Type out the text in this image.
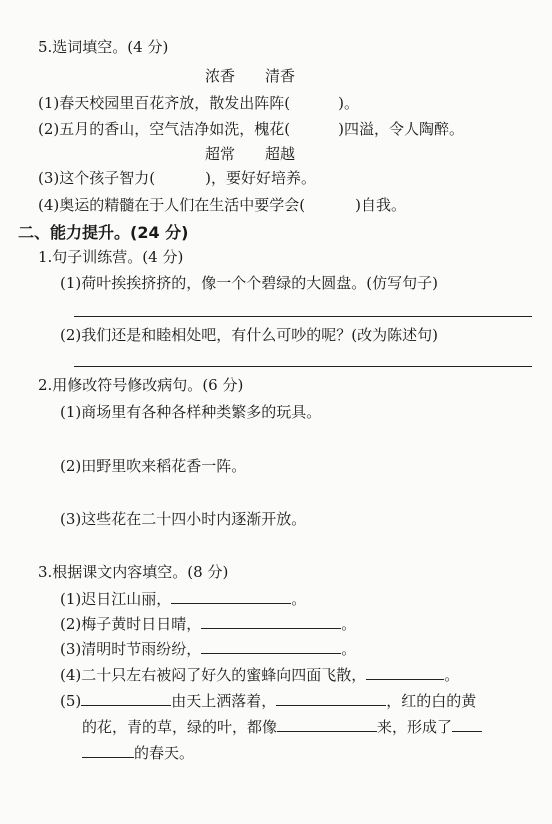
5.选词填空。(4 分)
浓香　　清香
(1)春天校园里百花齐放，散发出阵阵(	)。
(2)五月的香山，空气洁净如洗，槐花(	)四溢，令人陶醉。
超常　　超越
(3)这个孩子智力(	)，要好好培养。
(4)奥运的精髓在于人们在生活中要学会(	)自我。
二、能力提升。(24 分)
1.句子训练营。(4 分)
(1)荷叶挨挨挤挤的，像一个个碧绿的大圆盘。(仿写句子)
(2)我们还是和睦相处吧，有什么可吵的呢？(改为陈述句)
2.用修改符号修改病句。(6 分)
(1)商场里有各种各样种类繁多的玩具。
(2)田野里吹来稻花香一阵。
(3)这些花在二十四小时内逐渐开放。
3.根据课文内容填空。(8 分)
(1)迟日江山丽，	。
(2)梅子黄时日日晴，	。
(3)清明时节雨纷纷，	。
(4)二十只左右被闷了好久的蜜蜂向四面飞散，	。
(5)	由天上洒落着，	，红的白的黄
的花，青的草，绿的叶，都像	来，形成了
的春天。
